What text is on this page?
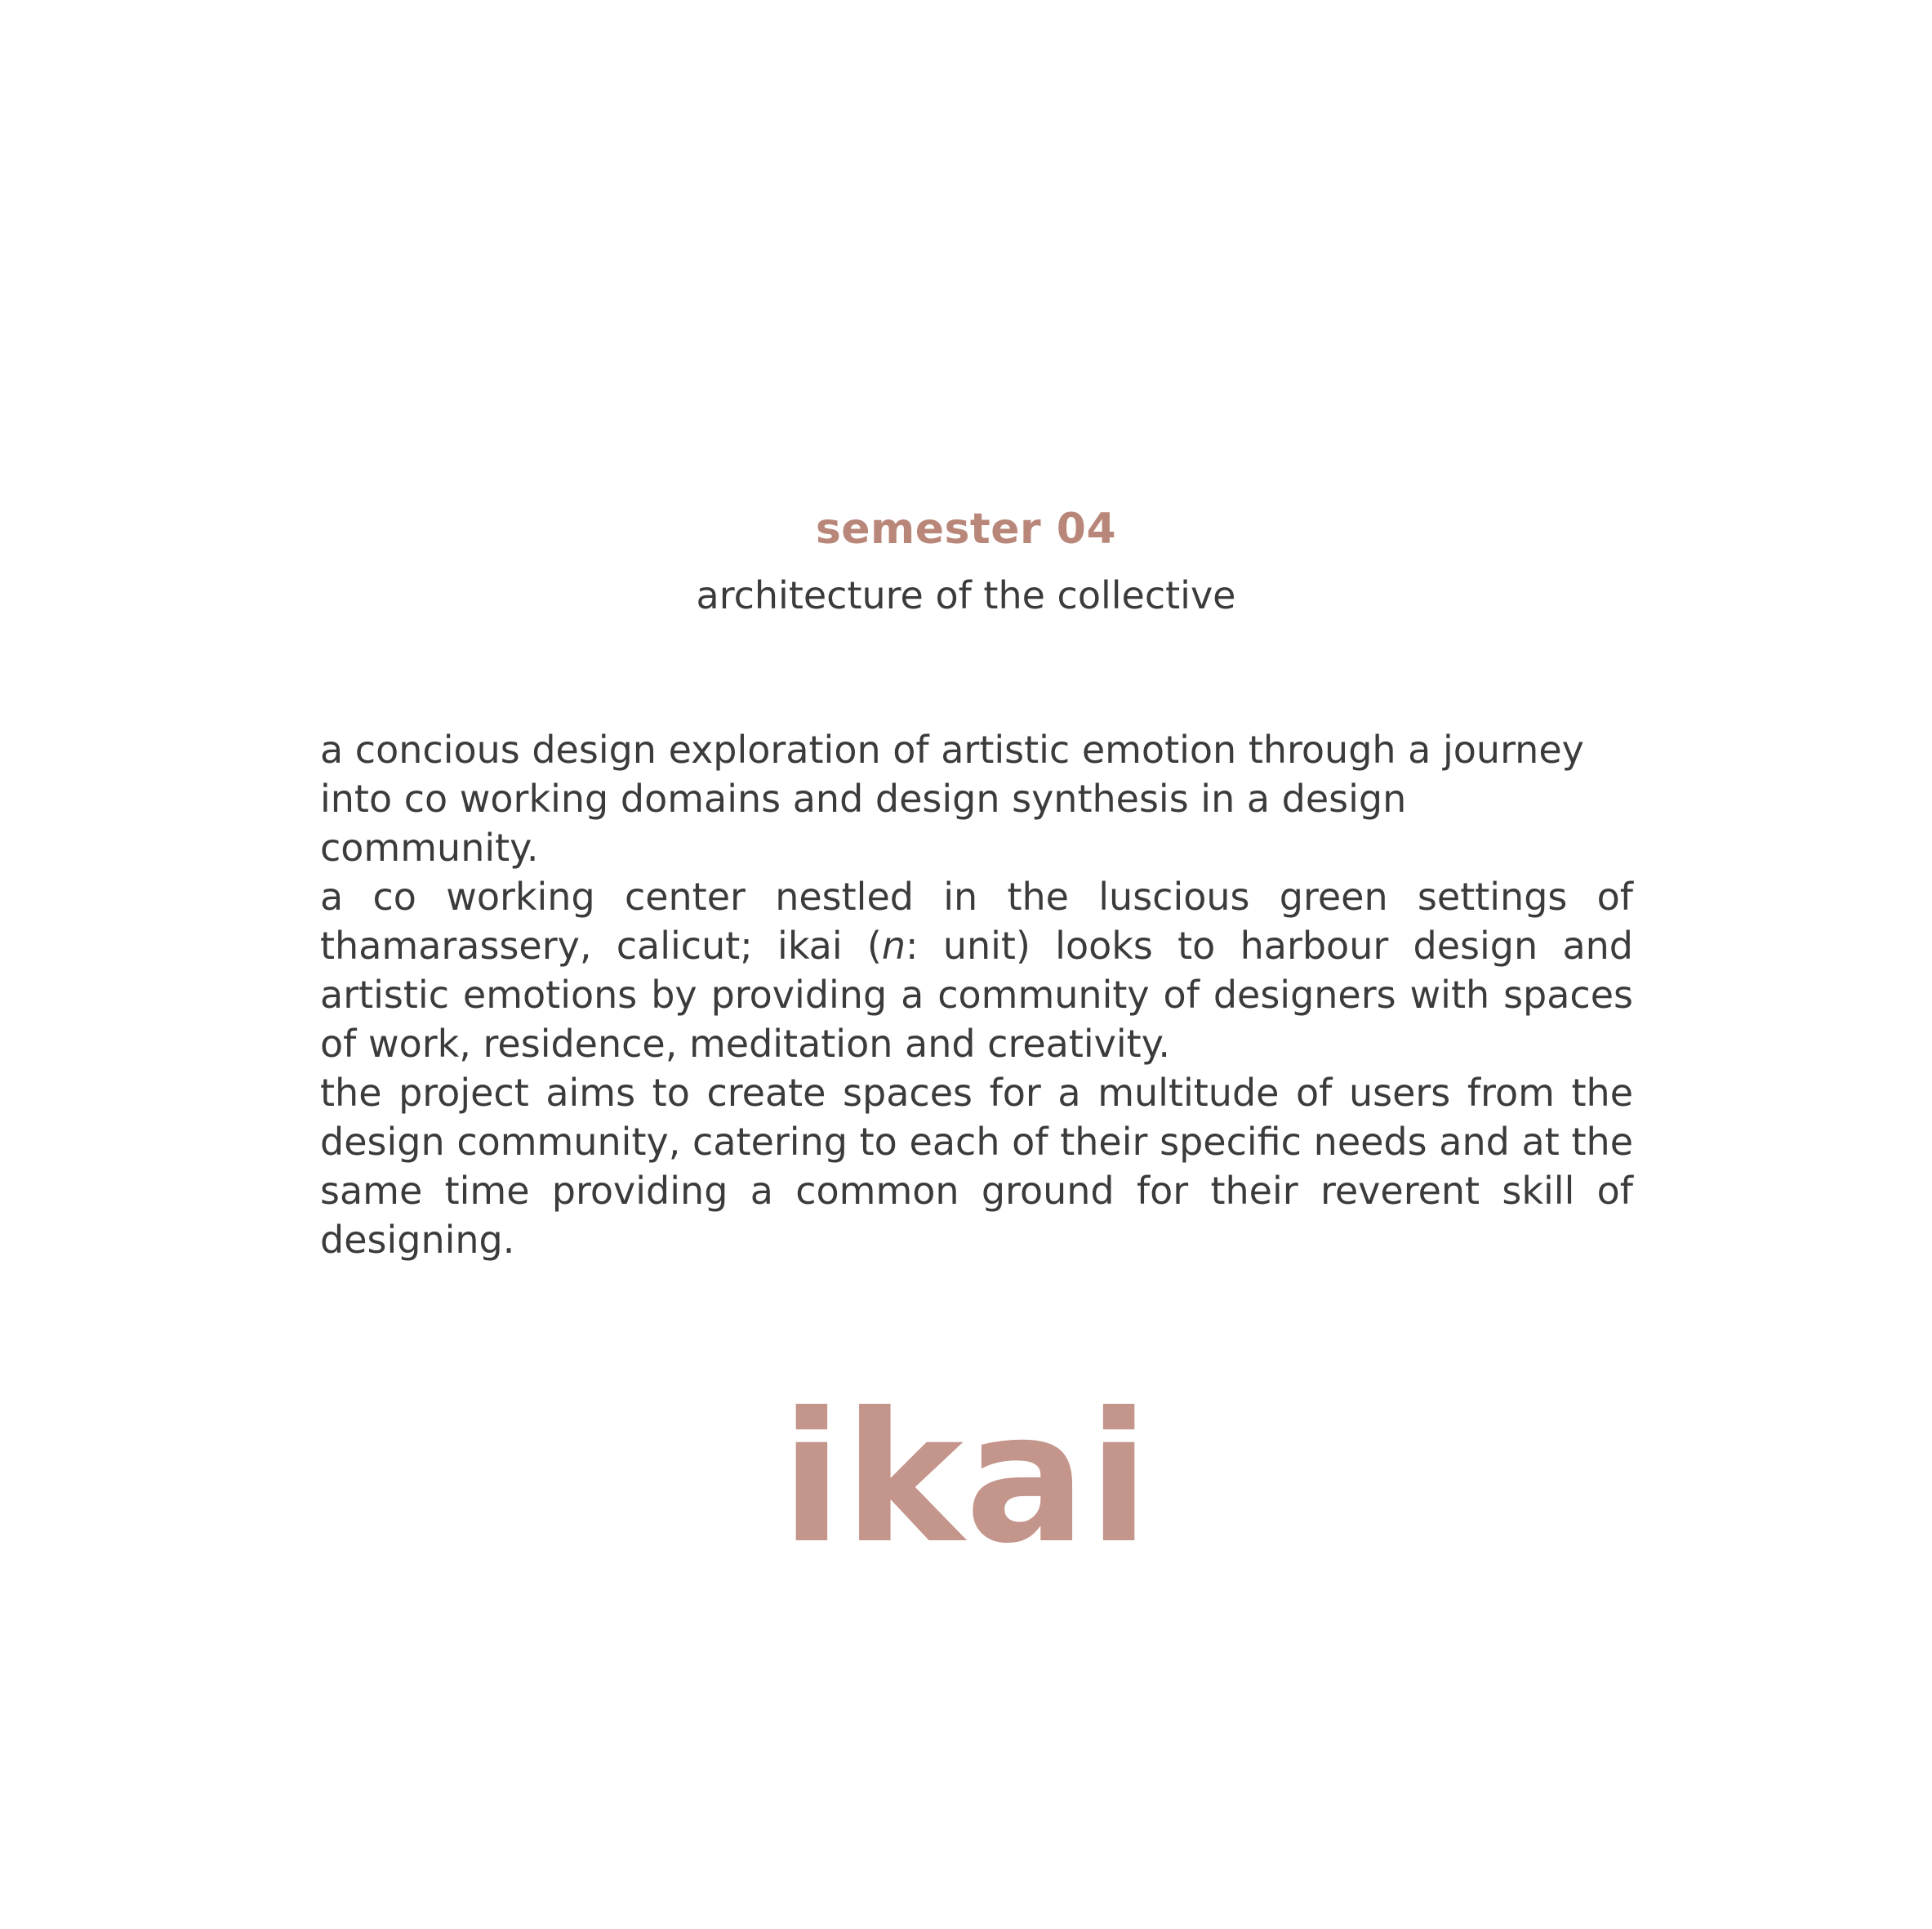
semester 04
architecture of the collective
a concious design exploration of artistic emotion through a journey into co working domains and design synthesis in a design community.
a co working center nestled in the luscious green settings of thamarassery, calicut; ikai (n: unit) looks to harbour design and artistic emotions by providing a community of designers with spaces of work, residence, meditation and creativity.
the project aims to create spaces for a multitude of users from the design community, catering to each of their specific needs and at the same time providing a common ground for their reverent skill of designing.
ikai
